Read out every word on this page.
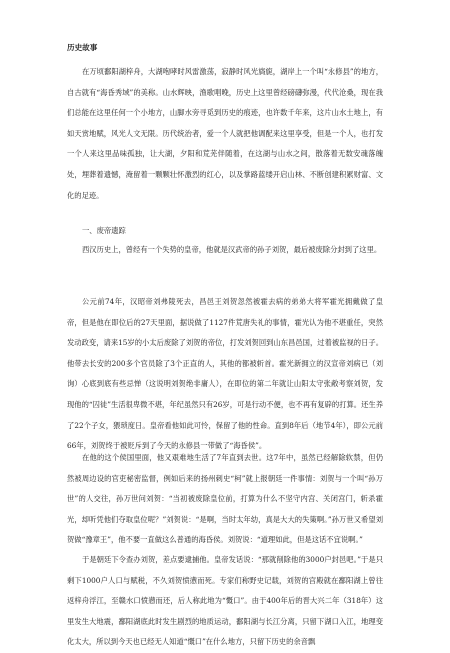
历史故事

在万顷鄱阳湖梓舟，大湖咆哮时风雷激荡，寂静时风光旖旎，湖岸上一个叫“永修县”的地方，自古就有“海昏秀域”的美称。山水辉映，渔歌唱晚，历史上这里曾经磅礴弥漫，代代沧桑，现在我们总能在这里任何一个小地方，山脚水旁寻觅到历史的痕迹，也许数千年来，这片山水土地上，有如天赏地赋，风光人文无限。历代统治者，爱一个人就把他调配来这里享受，但是一个人，也打发一个人来这里品味孤独，让大湖，夕阳和荒芜伴随着，在这湖与山水之间，散落着无数安魂落魄处，埋葬着遗憾，淹留着一颗颗壮怀激烈的红心，以及掌路蓝缕开启山林、不断创建积累财富、文化的足迹。

一、废帝遗踪

西汉历史上，曾经有一个失势的皇帝，他就是汉武帝的孙子刘贺，最后被废除分封到了这里。

公元前74年，汉昭帝刘弗陵死去，昌邑王刘贺忽然被霍去病的弟弟大将军霍光拥戴做了皇帝，但是他在即位后的27天里面，据说做了1127件荒唐失礼的事情，霍光认为他不堪重任，突然发动政变，请来15岁的小太后废除了刘贺的帝位，打发刘贺回到山东昌邑国，过着被监视的日子。他带去长安的200多个官员除了3个正直的人，其他的都被斩首。霍光新拥立的汉宣帝刘病已（刘询）心底到底有些忌惮（这说明刘贺绝非庸人），在即位的第二年就让山阳太守张敞考察刘贺，发现他的“囚徒”生活很卑微不堪，年纪虽然只有26岁，可是行动不便，也不再有复辟的打算。还生养了22个子女，猥琐度日。皇帝看他如此可怜，保留了他的性命。直到8年后（地节4年），即公元前66年，刘贺终于被贬斥到了今天的永修县一带做了“海昏侯”。

在他的这个侯国里面，他又艰难地生活了7年直到去世。这7年中，虽然已经解除软禁，但仍然被周边设的官吏秘密监督，例如后来的扬州刺史“柯”就上报朝廷一件事情：刘贺与一个叫“孙万世”的人交往，孙万世问刘贺：“当初被废除皇位前，打算为什么不坚守内宫、关闭宫门，斩杀霍光，却听凭他们夺取皇位呢？”刘贺说：“是啊，当时太年幼，真是大大的失策啊。”孙万世又希望刘贺做“豫章王”，他不要一直做这么普通的海昏侯。刘贺说：“道理如此，但是这话不宜说啊。”

于是朝廷下令查办刘贺，差点要逮捕他。皇帝发话说：“那就削除他的3000户封邑吧。”于是只剩下1000户人口与赋税，不久刘贺愤懑而死。专家们称野史记载，刘贺的宫殿就在鄱阳湖上曾往返梓舟浮江，至赣水口愤懑而还，后人称此地为“慨口”。由于400年后的晋大兴二年（318年）这里发生大地震，鄱阳湖底此时发生剧烈的地质运动，鄱阳湖与长江分离，只留下湖口入江，地理变化太大，所以到今天也已经无人知道“慨口”在什么地方，只留下历史的余音飘
